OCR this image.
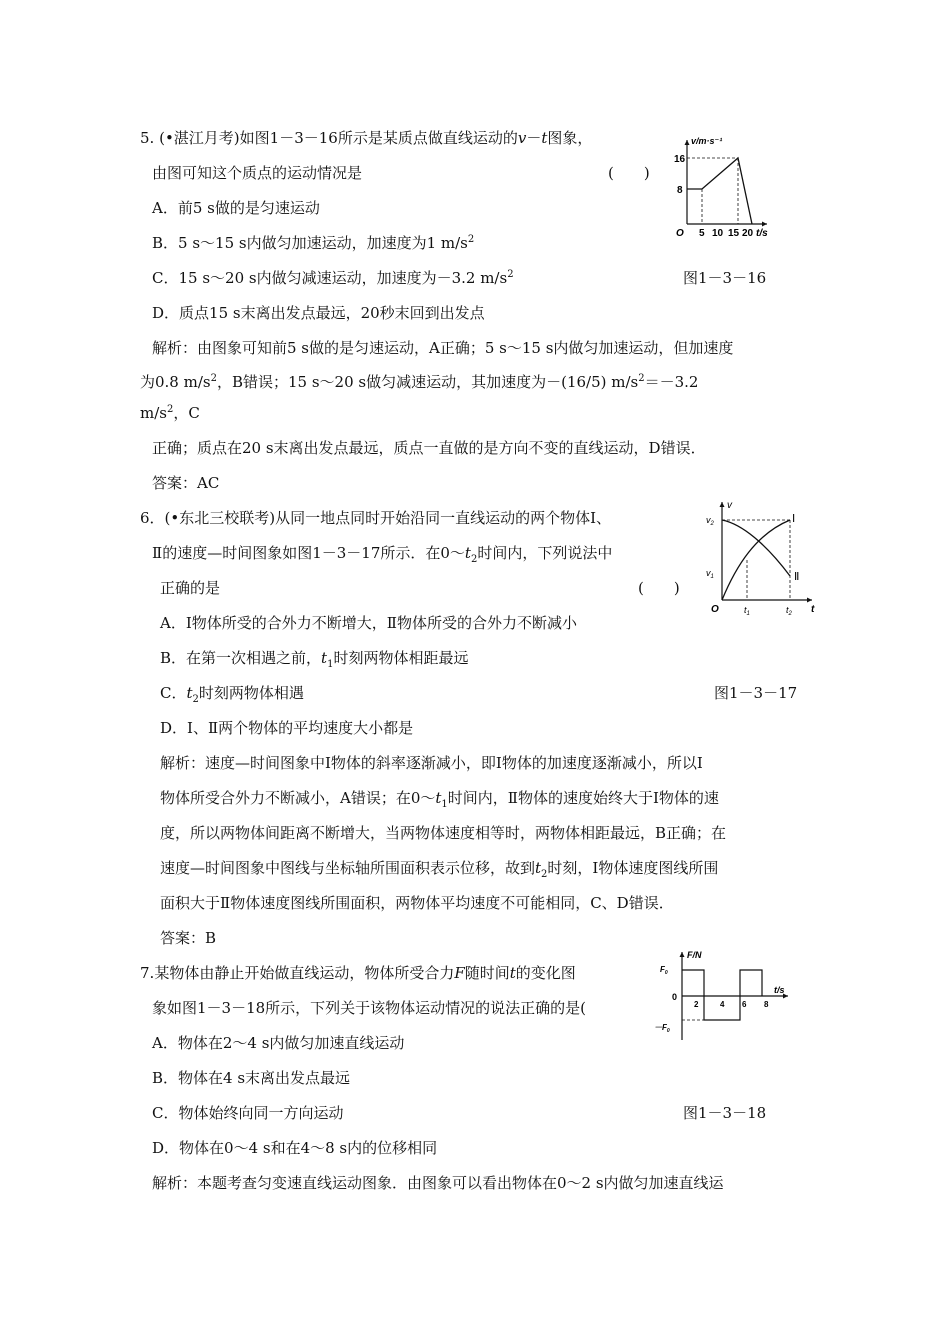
5. (•湛江月考)如图1－3－16所示是某质点做直线运动的v－t图象，
由图可知这个质点的运动情况是	(　　)
A．前5 s做的是匀速运动
B．5 s～15 s内做匀加速运动，加速度为1 $m/s^2$
C．15 s～20 s内做匀减速运动，加速度为－3.2 $m/s^2$	图1－3－16
D．质点15 s末离出发点最远，20秒末回到出发点
解析：由图象可知前5 s做的是匀速运动，A正确；5 s～15 s内做匀加速运动，但加速度
为0.8 $m/s^2$，B错误；15 s～20 s做匀减速运动，其加速度为－(16/5) $m/s^2=-3.2$
$m/s^2$，C
正确；质点在20 s末离出发点最远，质点一直做的是方向不变的直线运动，D错误．
答案：AC
v/m·s⁻¹
t/s
O
16
8
5 10 15 20
6．(•东北三校联考)从同一地点同时开始沿同一直线运动的两个物体Ⅰ、
Ⅱ的速度—时间图象如图1－3－17所示．在$0\sim t_2$时间内，下列说法中
正确的是	(　　)
A．Ⅰ物体所受的合外力不断增大，Ⅱ物体所受的合外力不断减小
B．在第一次相遇之前，$t_1$时刻两物体相距最远
C．$t_2$时刻两物体相遇	图1－3－17
D．Ⅰ、Ⅱ两个物体的平均速度大小都是
解析：速度—时间图象中Ⅰ物体的斜率逐渐减小，即Ⅰ物体的加速度逐渐减小，所以Ⅰ
物体所受合外力不断减小，A错误；在$0\sim t_1$时间内，Ⅱ物体的速度始终大于Ⅰ物体的速
度，所以两物体间距离不断增大，当两物体速度相等时，两物体相距最远，B正确；在
速度—时间图象中图线与坐标轴所围面积表示位移，故到$t_2$时刻，Ⅰ物体速度图线所围
面积大于Ⅱ物体速度图线所围面积，两物体平均速度不可能相同，C、D错误．
答案：B
v
t
O
$v_2$
$v_1$
Ⅰ
Ⅱ
$t_1$	$t_2$
7.某物体由静止开始做直线运动，物体所受合力F随时间t的变化图
象如图1－3－18所示，下列关于该物体运动情况的说法正确的是(
A．物体在2～4 s内做匀加速直线运动
B．物体在4 s末离出发点最远
C．物体始终向同一方向运动	图1－3－18
D．物体在0～4 s和在4～8 s内的位移相同
解析：本题考查匀变速直线运动图象．由图象可以看出物体在0～2 s内做匀加速直线运
F/N
t/s
0
$F_0$
$-F_0$
2	4 6 8
